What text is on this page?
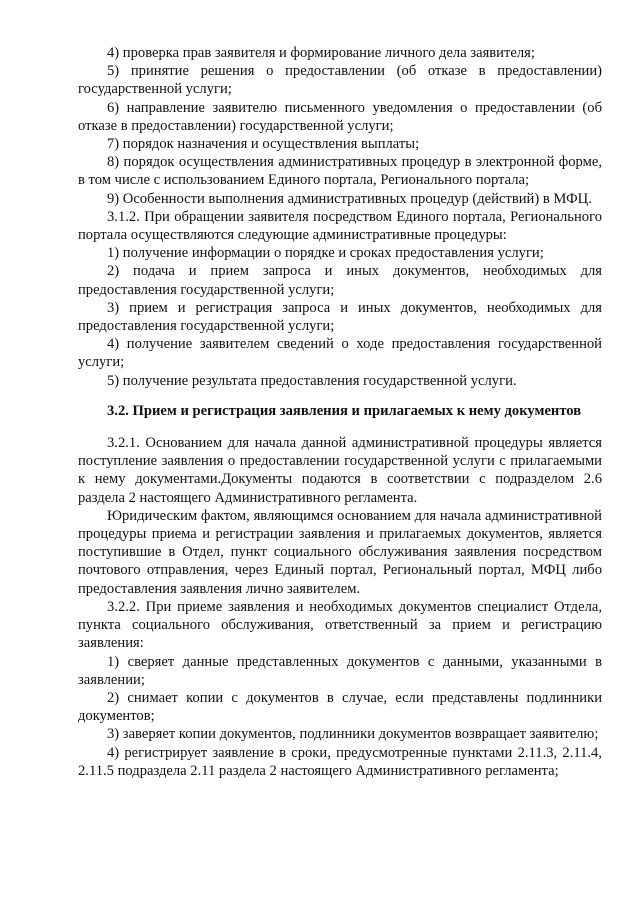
4) проверка прав заявителя и формирование личного дела заявителя;

5) принятие решения о предоставлении (об отказе в предоставлении) государственной услуги;

6) направление заявителю письменного уведомления о предоставлении (об отказе в предоставлении) государственной услуги;

7) порядок назначения и осуществления выплаты;

8) порядок осуществления административных процедур в электронной форме, в том числе с использованием Единого портала, Регионального портала;

9) Особенности выполнения административных процедур (действий) в МФЦ.

3.1.2. При обращении заявителя посредством Единого портала, Регионального портала осуществляются следующие административные процедуры:

1) получение информации о порядке и сроках предоставления услуги;

2) подача и прием запроса и иных документов, необходимых для предоставления государственной услуги;

3) прием и регистрация запроса и иных документов, необходимых для предоставления государственной услуги;

4) получение заявителем сведений о ходе предоставления государственной услуги;

5) получение результата предоставления государственной услуги.

3.2. Прием и регистрация заявления и прилагаемых к нему документов

3.2.1. Основанием для начала данной административной процедуры является поступление заявления о предоставлении государственной услуги с прилагаемыми к нему документами.Документы подаются в соответствии с подразделом 2.6 раздела 2 настоящего Административного регламента.

Юридическим фактом, являющимся основанием для начала административной процедуры приема и регистрации заявления и прилагаемых документов, является поступившие в Отдел, пункт социального обслуживания заявления посредством почтового отправления, через Единый портал, Региональный портал, МФЦ либо предоставления заявления лично заявителем.

3.2.2. При приеме заявления и необходимых документов специалист Отдела, пункта социального обслуживания, ответственный за прием и регистрацию заявления:

1) сверяет данные представленных документов с данными, указанными в заявлении;

2) снимает копии с документов в случае, если представлены подлинники документов;

3) заверяет копии документов, подлинники документов возвращает заявителю;

4) регистрирует заявление в сроки, предусмотренные пунктами 2.11.3, 2.11.4, 2.11.5 подраздела 2.11 раздела 2 настоящего Административного регламента;
